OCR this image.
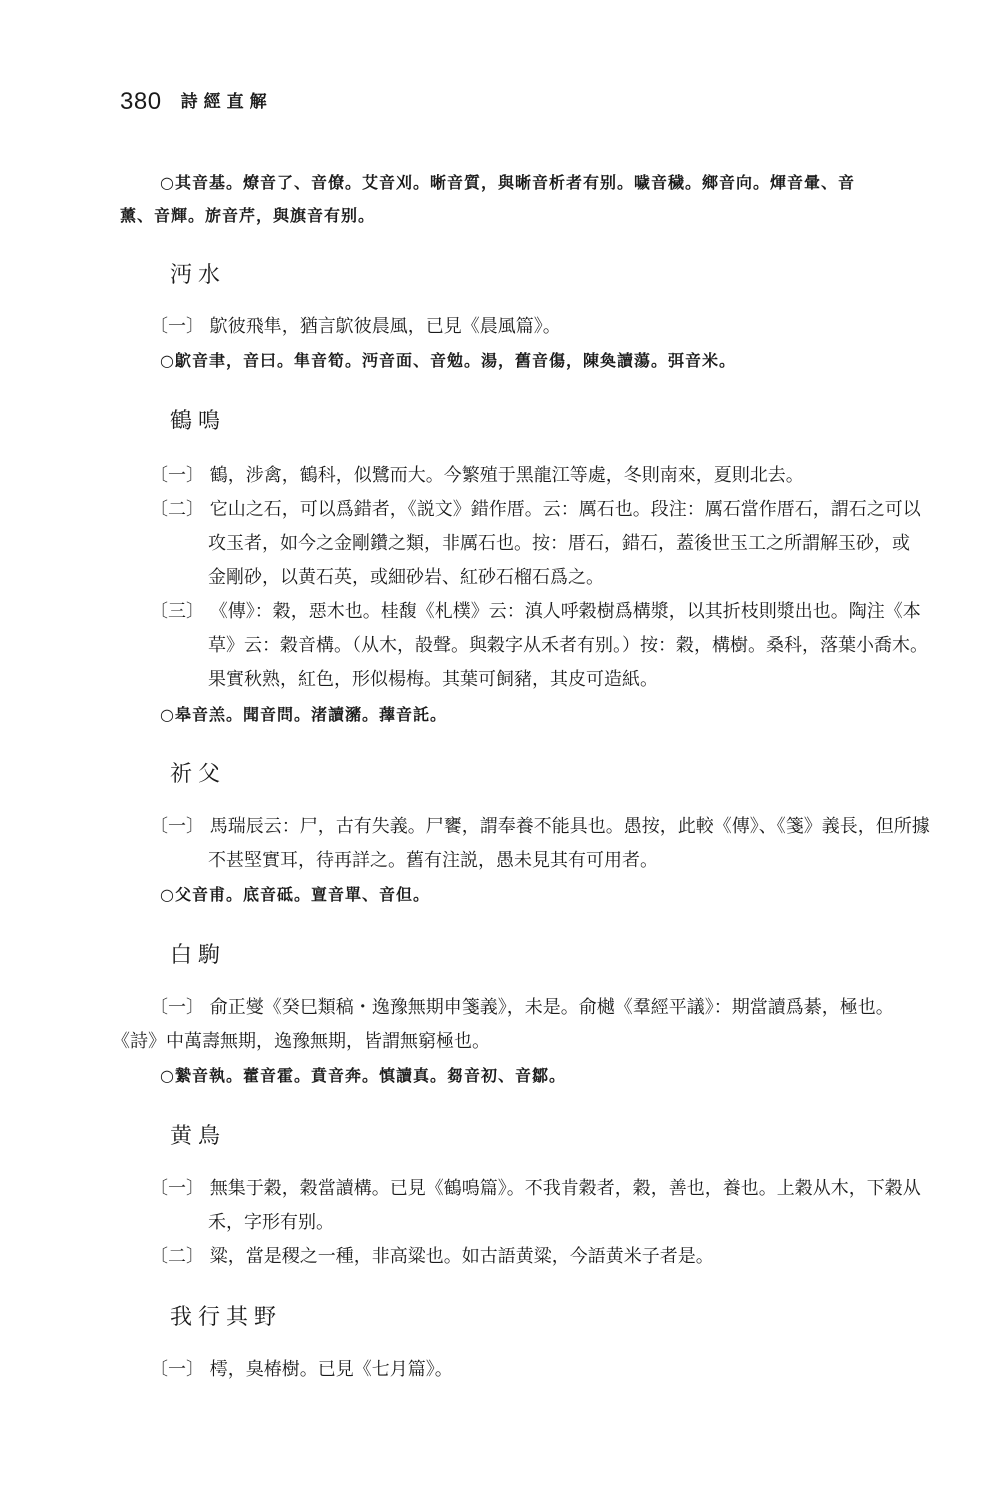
380 詩經直解
○其音基。燎音了、音僚。艾音刈。晰音質，與晰音析者有别。噦音穢。鄉音向。煇音暈、音
薰、音輝。旂音芹，與旗音有别。
沔水
〔一〕 鴥彼飛隼，猶言鴥彼晨風，已見《晨風篇》。
○鴥音聿，音曰。隼音筍。沔音面、音勉。湯，舊音傷，陳奐讀蕩。弭音米。
鶴鳴
〔一〕 鶴，涉禽，鶴科，似鷺而大。今繁殖于黑龍江等處，冬則南來，夏則北去。
〔二〕 它山之石，可以爲錯者，《説文》錯作厝。云：厲石也。段注：厲石當作厝石，謂石之可以
攻玉者，如今之金剛鑽之類，非厲石也。按：厝石，錯石，蓋後世玉工之所謂解玉砂，或
金剛砂，以黄石英，或細砂岩、紅砂石榴石爲之。
〔三〕 《傳》：穀，惡木也。桂馥《札樸》云：滇人呼穀樹爲構漿，以其折枝則漿出也。陶注《本
草》云：穀音構。（从木，㱿聲。與穀字从禾者有别。）按：穀，構樹。桑科，落葉小喬木。
果實秋熟，紅色，形似楊梅。其葉可飼豬，其皮可造紙。
○皋音羔。聞音問。渚讀瀦。蘀音託。
祈父
〔一〕 馬瑞辰云：尸，古有失義。尸饔，謂奉養不能具也。愚按，此較《傳》、《箋》義長，但所據
不甚堅實耳，待再詳之。舊有注説，愚未見其有可用者。
○父音甫。底音砥。亶音單、音但。
白駒
〔一〕 俞正燮《癸巳類稿・逸豫無期申箋義》，未是。俞樾《羣經平議》：期當讀爲綦，極也。
《詩》中萬壽無期，逸豫無期，皆謂無窮極也。
○縶音執。藿音霍。賁音奔。慎讀真。芻音初、音鄒。
黄鳥
〔一〕 無集于穀，穀當讀構。已見《鶴鳴篇》。不我肯穀者，穀，善也，養也。上穀从木，下穀从
禾，字形有别。
〔二〕 粱，當是稷之一種，非高粱也。如古語黄粱，今語黄米子者是。
我行其野
〔一〕 樗，臭椿樹。已見《七月篇》。
